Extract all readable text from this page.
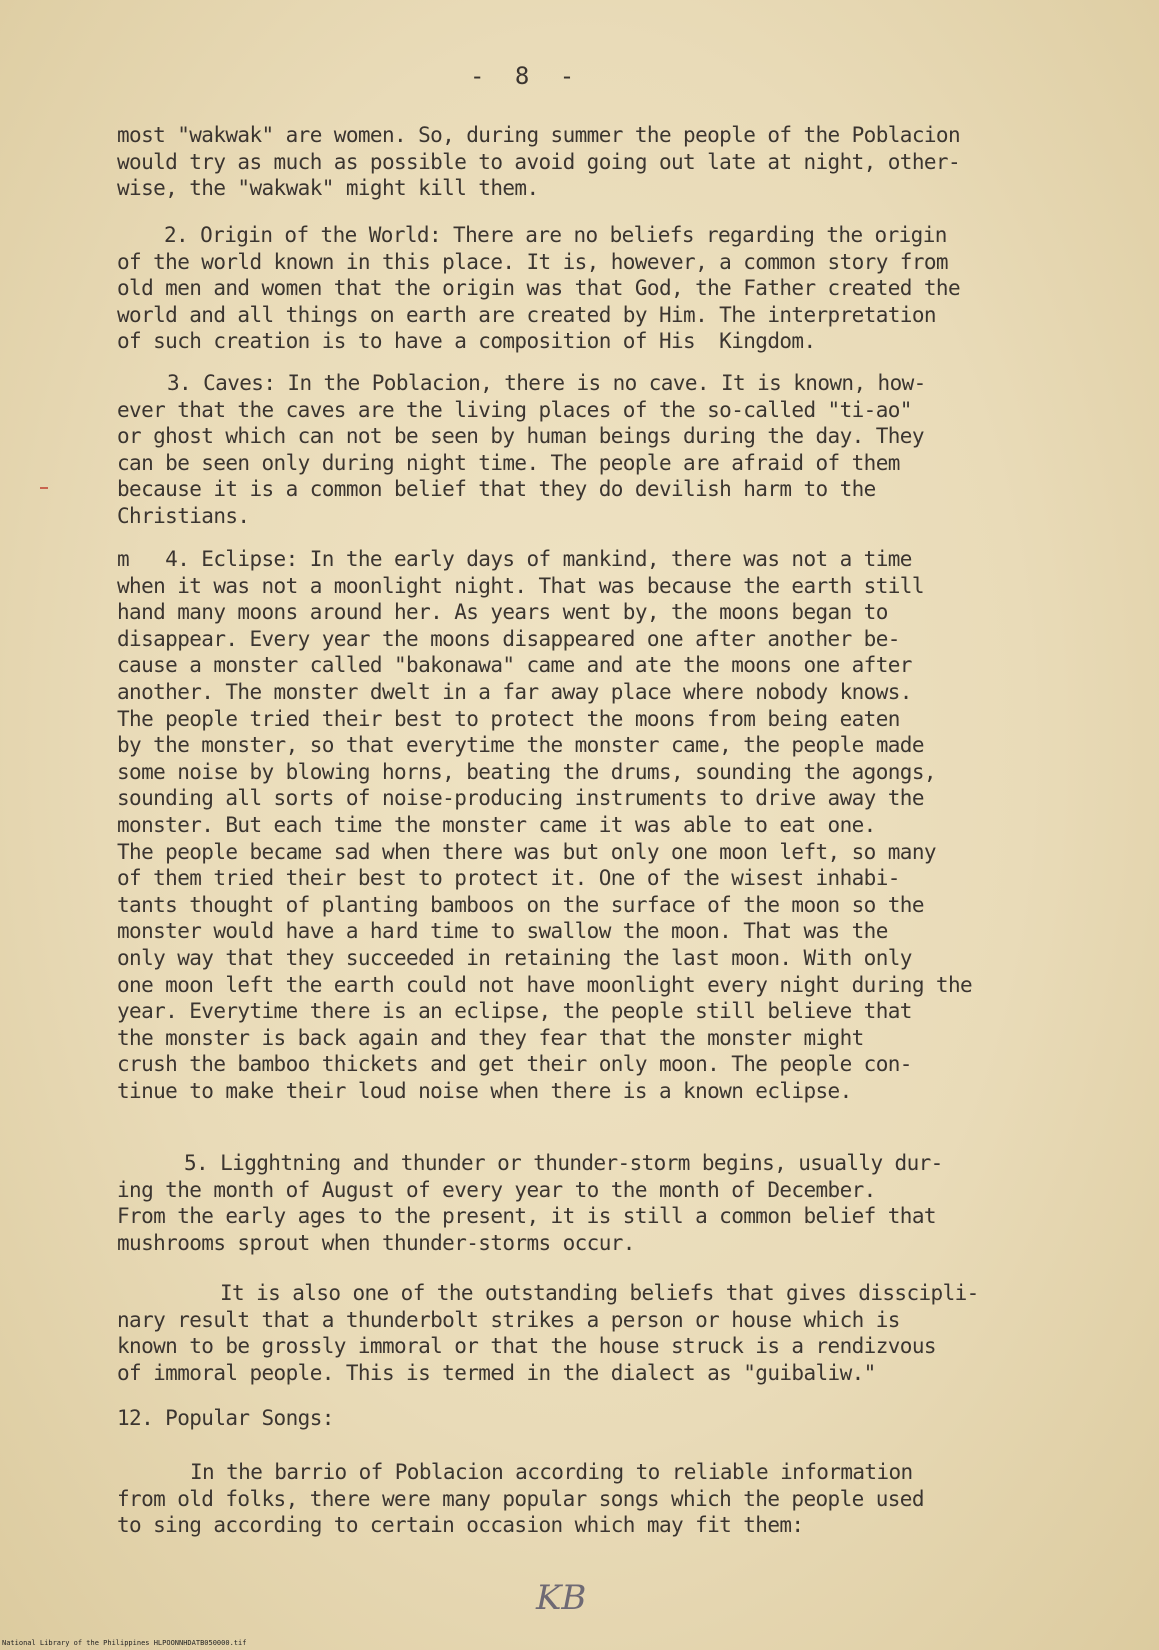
- 8 -
most "wakwak" are women. So, during summer the people of the Poblacion
would try as much as possible to avoid going out late at night, other-
wise, the "wakwak" might kill them.
2. Origin of the World: There are no beliefs regarding the origin
of the world known in this place. It is, however, a common story from
old men and women that the origin was that God, the Father created the
world and all things on earth are created by Him. The interpretation
of such creation is to have a composition of His  Kingdom.
3. Caves: In the Poblacion, there is no cave. It is known, how-
ever that the caves are the living places of the so-called "ti-ao"
or ghost which can not be seen by human beings during the day. They
can be seen only during night time. The people are afraid of them
because it is a common belief that they do devilish harm to the
Christians.
m   4. Eclipse: In the early days of mankind, there was not a time
when it was not a moonlight night. That was because the earth still
hand many moons around her. As years went by, the moons began to
disappear. Every year the moons disappeared one after another be-
cause a monster called "bakonawa" came and ate the moons one after
another. The monster dwelt in a far away place where nobody knows.
The people tried their best to protect the moons from being eaten
by the monster, so that everytime the monster came, the people made
some noise by blowing horns, beating the drums, sounding the agongs,
sounding all sorts of noise-producing instruments to drive away the
monster. But each time the monster came it was able to eat one.
The people became sad when there was but only one moon left, so many
of them tried their best to protect it. One of the wisest inhabi-
tants thought of planting bamboos on the surface of the moon so the
monster would have a hard time to swallow the moon. That was the
only way that they succeeded in retaining the last moon. With only
one moon left the earth could not have moonlight every night during the
year. Everytime there is an eclipse, the people still believe that
the monster is back again and they fear that the monster might
crush the bamboo thickets and get their only moon. The people con-
tinue to make their loud noise when there is a known eclipse.
5. Ligghtning and thunder or thunder-storm begins, usually dur-
ing the month of August of every year to the month of December.
From the early ages to the present, it is still a common belief that
mushrooms sprout when thunder-storms occur.
It is also one of the outstanding beliefs that gives disscipli-
nary result that a thunderbolt strikes a person or house which is
known to be grossly immoral or that the house struck is a rendizvous
of immoral people. This is termed in the dialect as "guibaliw."
12. Popular Songs:
In the barrio of Poblacion according to reliable information
from old folks, there were many popular songs which the people used
to sing according to certain occasion which may fit them:
KB
National Library of the Philippines HLPOONNHDATB050000.tif
